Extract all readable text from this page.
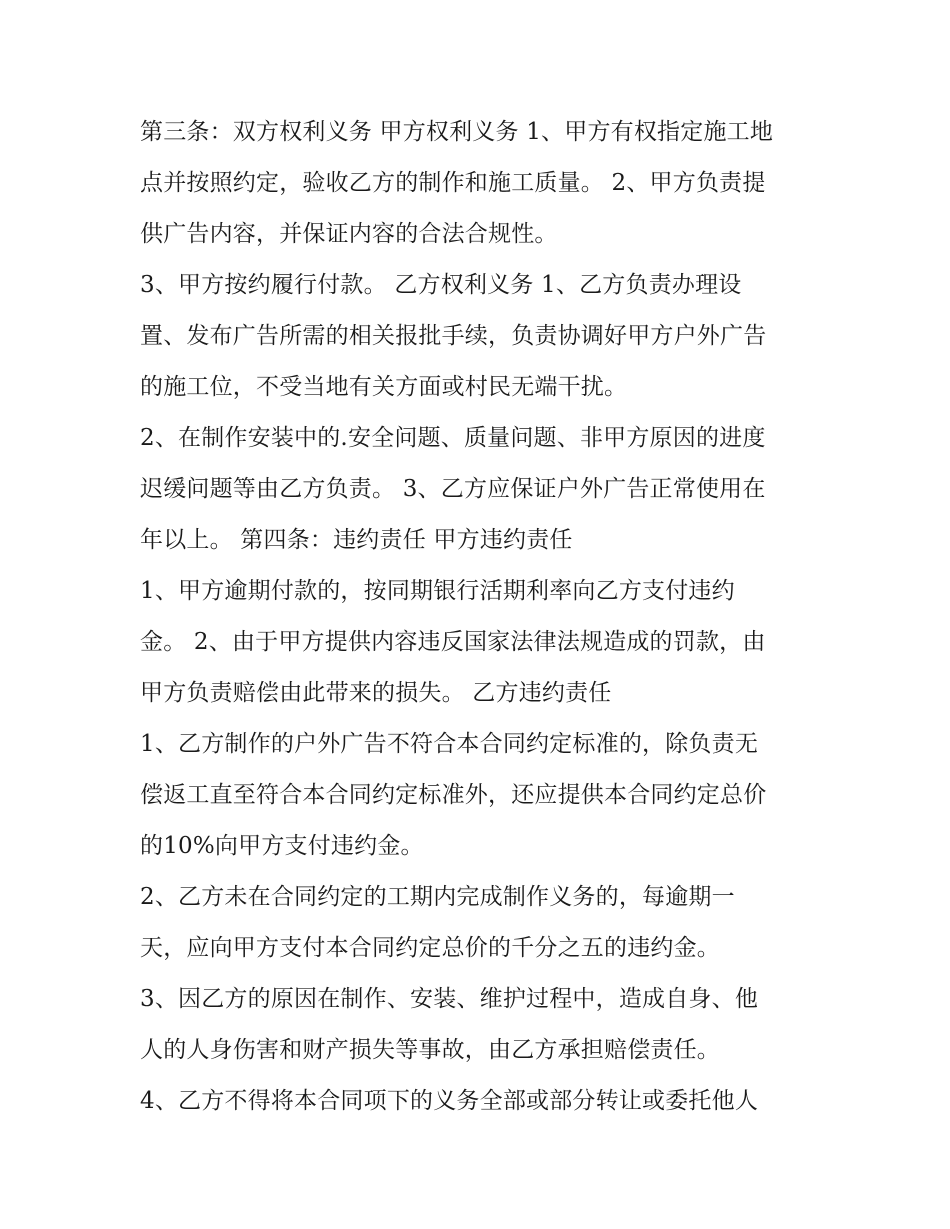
第三条：双方权利义务 甲方权利义务 1、甲方有权指定施工地
点并按照约定，验收乙方的制作和施工质量。 2、甲方负责提
供广告内容，并保证内容的合法合规性。
3、甲方按约履行付款。 乙方权利义务 1、乙方负责办理设
置、发布广告所需的相关报批手续，负责协调好甲方户外广告
的施工位，不受当地有关方面或村民无端干扰。
2、在制作安装中的.安全问题、质量问题、非甲方原因的进度
迟缓问题等由乙方负责。 3、乙方应保证户外广告正常使用在
年以上。 第四条：违约责任 甲方违约责任
1、甲方逾期付款的，按同期银行活期利率向乙方支付违约
金。 2、由于甲方提供内容违反国家法律法规造成的罚款，由
甲方负责赔偿由此带来的损失。 乙方违约责任
1、乙方制作的户外广告不符合本合同约定标准的，除负责无
偿返工直至符合本合同约定标准外，还应提供本合同约定总价
的10%向甲方支付违约金。
2、乙方未在合同约定的工期内完成制作义务的，每逾期一
天，应向甲方支付本合同约定总价的千分之五的违约金。
3、因乙方的原因在制作、安装、维护过程中，造成自身、他
人的人身伤害和财产损失等事故，由乙方承担赔偿责任。
4、乙方不得将本合同项下的义务全部或部分转让或委托他人
